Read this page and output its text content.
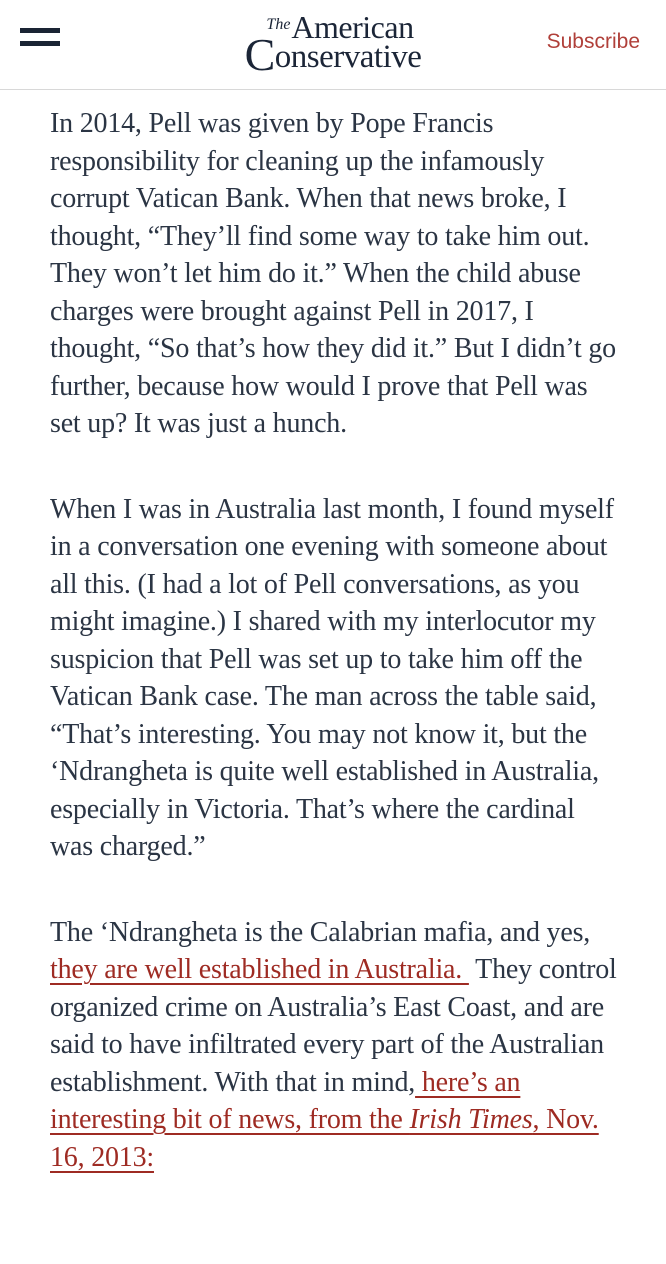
$^{The}$American
Conservative	Subscribe

In 2014, Pell was given by Pope Francis responsibility for cleaning up the infamously corrupt Vatican Bank. When that news broke, I thought, “They’ll find some way to take him out. They won’t let him do it.” When the child abuse charges were brought against Pell in 2017, I thought, “So that’s how they did it.” But I didn’t go further, because how would I prove that Pell was set up? It was just a hunch.

When I was in Australia last month, I found myself in a conversation one evening with someone about all this. (I had a lot of Pell conversations, as you might imagine.) I shared with my interlocutor my suspicion that Pell was set up to take him off the Vatican Bank case. The man across the table said, “That’s interesting. You may not know it, but the ‘Ndrangheta is quite well established in Australia, especially in Victoria. That’s where the cardinal was charged.”

The ‘Ndrangheta is the Calabrian mafia, and yes, they are well established in Australia.  They control organized crime on Australia’s East Coast, and are said to have infiltrated every part of the Australian establishment. With that in mind, here’s an interesting bit of news, from the Irish Times, Nov. 16, 2013:
